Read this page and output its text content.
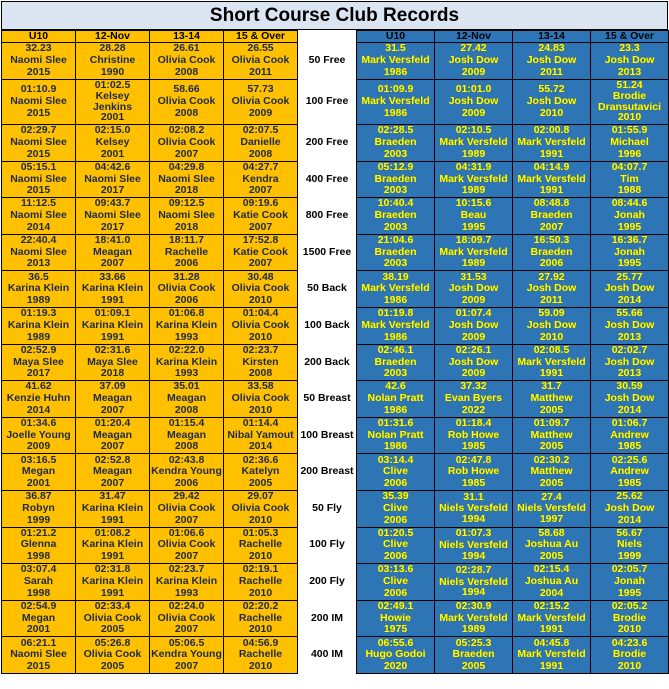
Short Course Club Records
U10	12-Nov	13-14	15 & Over		U10	12-Nov	13-14	15 & Over

32.23
Naomi Slee
2015	28.28
Christine
1990	26.61
Olivia Cook
2008	26.55
Olivia Cook
2011	50 Free	31.5
Mark Versfeld
1986	27.42
Josh Dow
2009	24.83
Josh Dow
2011	23.3
Josh Dow
2013

01:10.9
Naomi Slee
2015	01:02.5
Kelsey Jenkins
2001	58.66
Olivia Cook
2008	57.73
Olivia Cook
2009	100 Free	01:09.9
Mark Versfeld
1986	01:01.0
Josh Dow
2009	55.72
Josh Dow
2010	51.24
Brodie Dransutavici
2010

02:29.7
Naomi Slee
2015	02:15.0
Kelsey
2001	02:08.2
Olivia Cook
2007	02:07.5
Danielle
2008	200 Free	02:28.5
Braeden
2003	02:10.5
Mark Versfeld
1989	02:00.8
Mark Versfeld
1991	01:55.9
Michael
1996

05:15.1
Naomi Slee
2015	04:42.6
Naomi Slee
2017	04:29.8
Naomi Slee
2018	04:27.7
Kendra
2007	400 Free	05:12.9
Braeden
2003	04:31.9
Mark Versfeld
1989	04:14.9
Mark Versfeld
1991	04:07.7
Tim
1988

11:12.5
Naomi Slee
2014	09:43.7
Naomi Slee
2017	09:12.5
Naomi Slee
2018	09:19.6
Katie Cook
2007	800 Free	10:40.4
Braeden
2003	10:15.6
Beau
1995	08:48.8
Braeden
2007	08:44.6
Jonah
1995

22:40.4
Naomi Slee
2013	18:41.0
Meagan
2007	18:11.7
Rachelle
2006	17:52.8
Katie Cook
2007	1500 Free	21:04.6
Braeden
2003	18:09.7
Mark Versfeld
1989	16:50.3
Braeden
2006	16:36.7
Jonah
1995

36.5
Karina Klein
1989	33.66
Karina Klein
1991	31.28
Olivia Cook
2006	30.48
Olivia Cook
2010	50 Back	38.19
Mark Versfeld
1986	31.53
Josh Dow
2009	27.92
Josh Dow
2011	25.77
Josh Dow
2014

01:19.3
Karina Klein
1989	01:09.1
Karina Klein
1991	01:06.8
Karina Klein
1993	01:04.4
Olivia Cook
2010	100 Back	01:19.8
Mark Versfeld
1986	01:07.4
Josh Dow
2009	59.09
Josh Dow
2010	55.66
Josh Dow
2013

02:52.9
Maya Slee
2017	02:31.6
Maya Slee
2018	02:22.0
Karina Klein
1993	02:23.7
Kirsten
2008	200 Back	02:46.1
Braeden
2003	02:26.1
Josh Dow
2009	02:08.5
Mark Versfeld
1991	02:02.7
Josh Dow
2013

41.62
Kenzie Huhn
2014	37.09
Meagan
2007	35.01
Meagan
2008	33.58
Olivia Cook
2010	50 Breast	42.6
Nolan Pratt
1986	37.32
Evan Byers
2022	31.7
Matthew
2005	30.59
Josh Dow
2014

01:34.6
Joelle Young
2009	01:20.4
Meagan
2007	01:15.4
Meagan
2008	01:14.4
Nibal Yamout
2014	100 Breast	01:31.6
Nolan Pratt
1986	01:18.4
Rob Howe
1985	01:09.7
Matthew
2005	01:06.7
Andrew
1985

03:16.5
Megan
2001	02:52.8
Meagan
2007	02:43.8
Kendra Young
2006	02:36.6
Katelyn
2005	200 Breast	03:14.4
Clive
2006	02:47.8
Rob Howe
1985	02:30.2
Matthew
2005	02:25.6
Andrew
1985

36.87
Robyn
1999	31.47
Karina Klein
1991	29.42
Olivia Cook
2007	29.07
Olivia Cook
2010	50 Fly	35.39
Clive
2006	31.1
Niels Versfeld
1994	27.4
Niels Versfeld
1997	25.62
Josh Dow
2014

01:21.2
Glenna
1998	01:08.2
Karina Klein
1991	01:06.6
Olivia Cook
2007	01:05.3
Rachelle
2010	100 Fly	01:20.5
Clive
2006	01:07.3
Niels Versfeld
1994	58.68
Joshua Au
2005	56.67
Niels
1999

03:07.4
Sarah
1998	02:31.8
Karina Klein
1991	02:23.7
Karina Klein
1993	02:19.1
Rachelle
2010	200 Fly	03:13.6
Clive
2006	02:28.7
Niels Versfeld
1994	02:15.4
Joshua Au
2004	02:05.7
Jonah
1995

02:54.9
Megan
2001	02:33.4
Olivia Cook
2005	02:24.0
Olivia Cook
2007	02:20.2
Rachelle
2010	200 IM	02:49.1
Howie
1975	02:30.9
Mark Versfeld
1989	02:15.2
Mark Versfeld
1991	02:05.2
Brodie
2010

06:21.1
Naomi Slee
2015	05:26.8
Olivia Cook
2005	05:06.5
Kendra Young
2007	04:56.9
Rachelle
2010	400 IM	06:55.6
Hugo Godoi
2020	05:25.3
Braeden
2005	04:45.8
Mark Versfeld
1991	04:23.6
Brodie
2010
